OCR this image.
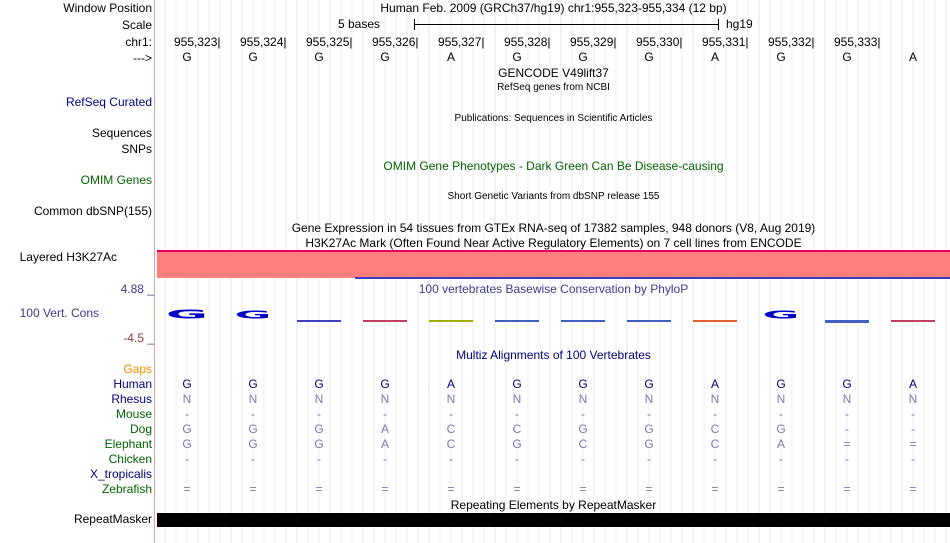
Window Position	Human Feb. 2009 (GRCh37/hg19) chr1:955,323-955,334 (12 bp)
Scale	5 bases	hg19
chr1:
--->
GENCODE V49lift37
RefSeq genes from NCBI
RefSeq Curated
Publications: Sequences in Scientific Articles
Sequences
SNPs
OMIM Gene Phenotypes - Dark Green Can Be Disease-causing
OMIM Genes
Short Genetic Variants from dbSNP release 155
Common dbSNP(155)
Gene Expression in 54 tissues from GTEx RNA-seq of 17382 samples, 948 donors (V8, Aug 2019)
H3K27Ac Mark (Often Found Near Active Regulatory Elements) on 7 cell lines from ENCODE
Layered H3K27Ac
100 vertebrates Basewise Conservation by PhyloP
4.88 _
100 Vert. Cons
-4.5 _
G G	G
Multiz Alignments of 100 Vertebrates
Gaps
Repeating Elements by RepeatMasker
RepeatMasker
955,323| 955,324| 955,325| 955,326| 955,327| 955,328| 955,329| 955,330| 955,331| 955,332| 955,333|
G	G	G	G	A	G	G	G	A	G	G	A
Human	G	G	G	G	A	G	G	G	A	G	G	A
Rhesus	N	N	N	N	N	N	N	N	N	N	N	N
Mouse	-	-	-	-	-	-	-	-	-	-	-	-
Dog	G	G	G	A	C	C	G	G	C	G	-	-
Elephant	G	G	G	A	C	G	C	G	C	A	=	=
Chicken	-	-	-	-	-	-	-	-	-	-	-	-
X_tropicalis
Zebrafish	=	=	=	=	=	=	=	=	=	=	=	=
